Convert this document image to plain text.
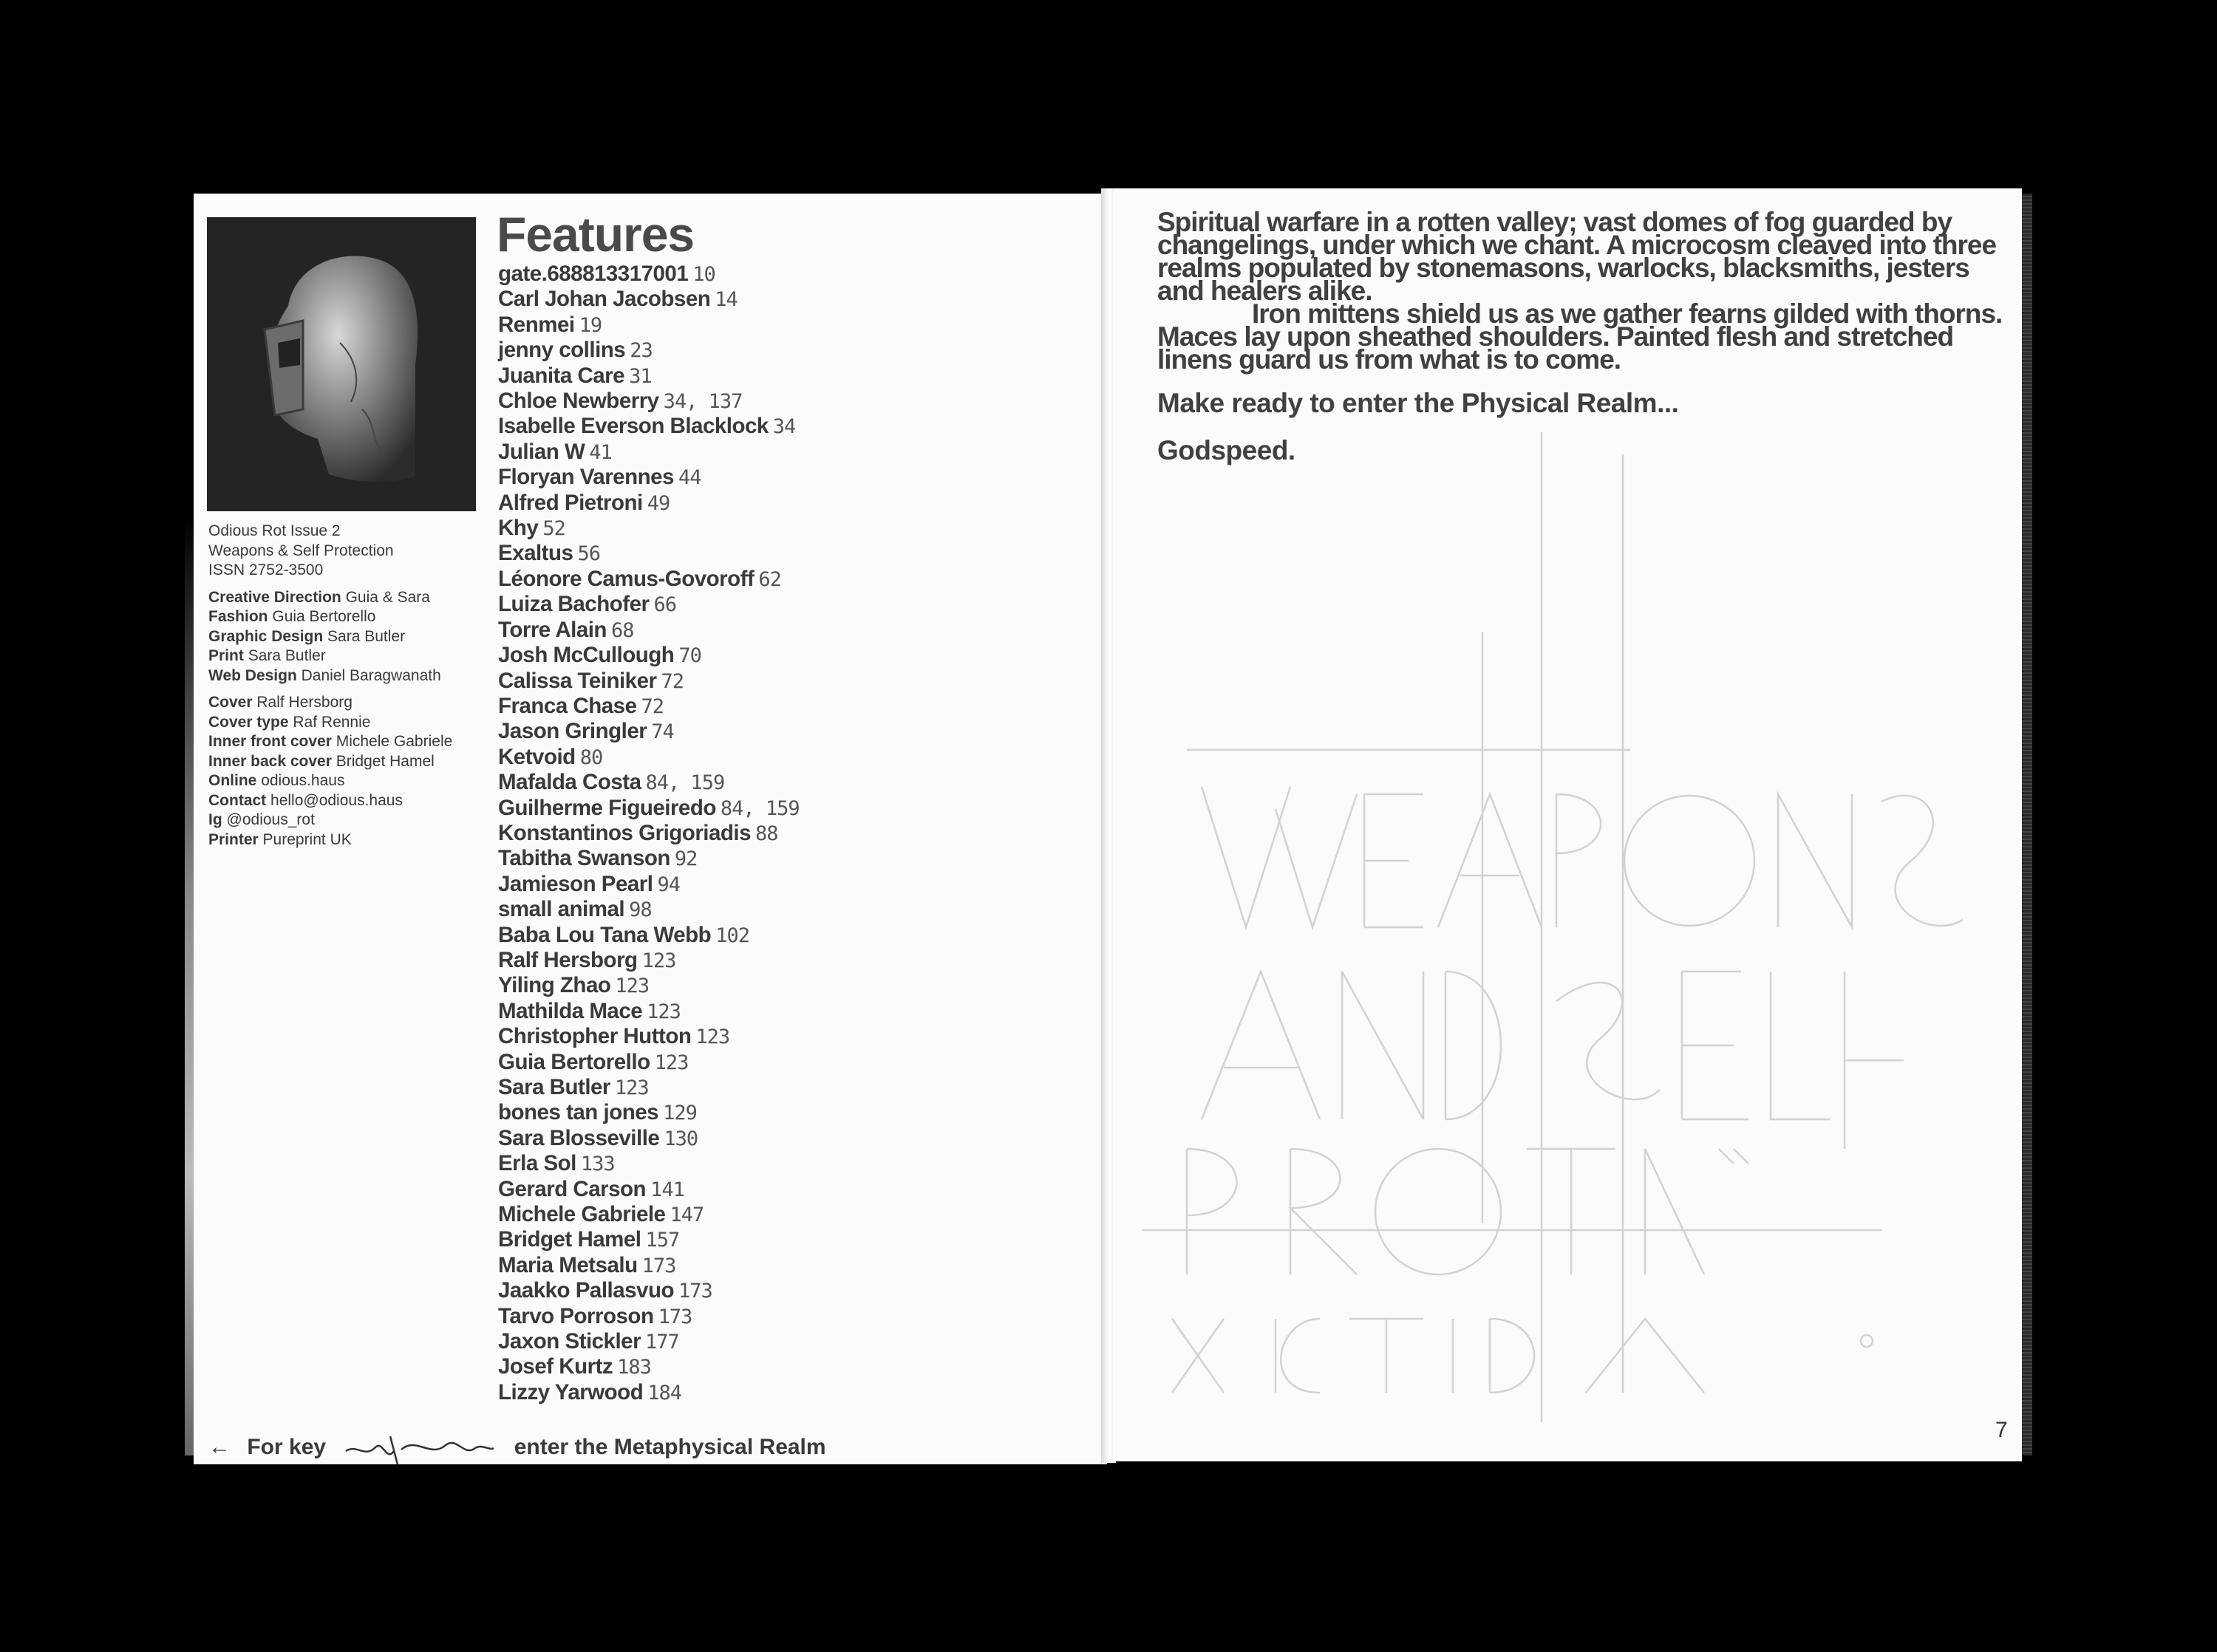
Odious Rot Issue 2
Weapons & Self Protection
ISSN 2752-3500
Creative Direction Guia & Sara
Fashion Guia Bertorello
Graphic Design Sara Butler
Print Sara Butler
Web Design Daniel Baragwanath
Cover Ralf Hersborg
Cover type Raf Rennie
Inner front cover Michele Gabriele
Inner back cover Bridget Hamel
Online odious.haus
Contact hello@odious.haus
Ig @odious_rot
Printer Pureprint UK
Features
gate.688813317001 10
Carl Johan Jacobsen 14
Renmei 19
jenny collins 23
Juanita Care 31
Chloe Newberry 34, 137
Isabelle Everson Blacklock 34
Julian W 41
Floryan Varennes 44
Alfred Pietroni 49
Khy 52
Exaltus 56
Léonore Camus-Govoroff 62
Luiza Bachofer 66
Torre Alain 68
Josh McCullough 70
Calissa Teiniker 72
Franca Chase 72
Jason Gringler 74
Ketvoid 80
Mafalda Costa 84, 159
Guilherme Figueiredo 84, 159
Konstantinos Grigoriadis 88
Tabitha Swanson 92
Jamieson Pearl 94
small animal 98
Baba Lou Tana Webb 102
Ralf Hersborg 123
Yiling Zhao 123
Mathilda Mace 123
Christopher Hutton 123
Guia Bertorello 123
Sara Butler 123
bones tan jones 129
Sara Blosseville 130
Erla Sol 133
Gerard Carson 141
Michele Gabriele 147
Bridget Hamel 157
Maria Metsalu 173
Jaakko Pallasvuo 173
Tarvo Porroson 173
Jaxon Stickler 177
Josef Kurtz 183
Lizzy Yarwood 184
← For key	enter the Metaphysical Realm

Spiritual warfare in a rotten valley; vast domes of fog guarded by changelings, under which we chant. A microcosm cleaved into three realms populated by stonemasons, warlocks, blacksmiths, jesters and healers alike.

Iron mittens shield us as we gather fearns gilded with thorns. Maces lay upon sheathed shoulders. Painted flesh and stretched linens guard us from what is to come.

Make ready to enter the Physical Realm...
Godspeed.
7
